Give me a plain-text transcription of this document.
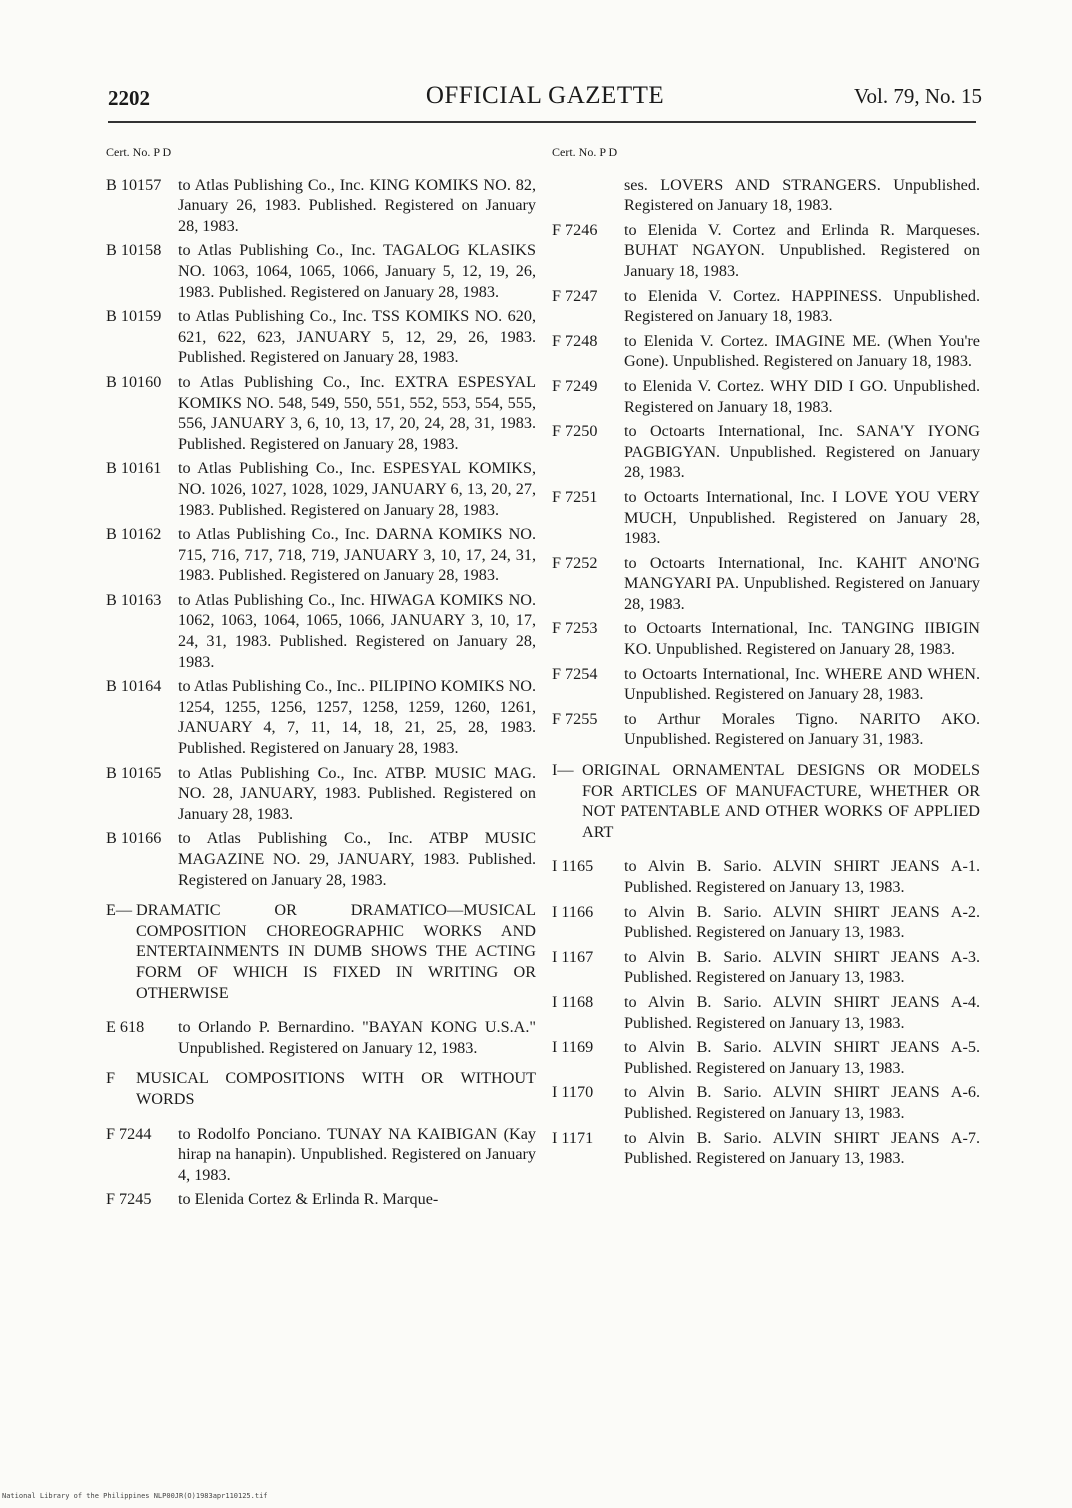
2202	OFFICIAL GAZETTE	Vol. 79, No. 15
Cert. No. P D
B 10157	to Atlas Publishing Co., Inc. KING KOMIKS NO. 82, January 26, 1983. Published. Registered on January 28, 1983.
B 10158	to Atlas Publishing Co., Inc. TAGALOG KLASIKS NO. 1063, 1064, 1065, 1066, January 5, 12, 19, 26, 1983. Published. Registered on January 28, 1983.
B 10159	to Atlas Publishing Co., Inc. TSS KOMIKS NO. 620, 621, 622, 623, JANUARY 5, 12, 29, 26, 1983. Published. Registered on January 28, 1983.
B 10160	to Atlas Publishing Co., Inc. EXTRA ESPESYAL KOMIKS NO. 548, 549, 550, 551, 552, 553, 554, 555, 556, JANUARY 3, 6, 10, 13, 17, 20, 24, 28, 31, 1983. Published. Registered on January 28, 1983.
B 10161	to Atlas Publishing Co., Inc. ESPESYAL KOMIKS, NO. 1026, 1027, 1028, 1029, JANUARY 6, 13, 20, 27, 1983. Published. Registered on January 28, 1983.
B 10162	to Atlas Publishing Co., Inc. DARNA KOMIKS NO. 715, 716, 717, 718, 719, JANUARY 3, 10, 17, 24, 31, 1983. Published. Registered on January 28, 1983.
B 10163	to Atlas Publishing Co., Inc. HIWAGA KOMIKS NO. 1062, 1063, 1064, 1065, 1066, JANUARY 3, 10, 17, 24, 31, 1983. Published. Registered on January 28, 1983.
B 10164	to Atlas Publishing Co., Inc.. PILIPINO KOMIKS NO. 1254, 1255, 1256, 1257, 1258, 1259, 1260, 1261, JANUARY 4, 7, 11, 14, 18, 21, 25, 28, 1983. Published. Registered on January 28, 1983.
B 10165	to Atlas Publishing Co., Inc. ATBP. MUSIC MAG. NO. 28, JANUARY, 1983. Published. Registered on January 28, 1983.
B 10166	to Atlas Publishing Co., Inc. ATBP MUSIC MAGAZINE NO. 29, JANUARY, 1983. Published. Registered on January 28, 1983.
E— DRAMATIC OR DRAMATICO—MUSICAL COMPOSITION CHOREOGRAPHIC WORKS AND ENTERTAINMENTS IN DUMB SHOWS THE ACTING FORM OF WHICH IS FIXED IN WRITING OR OTHERWISE
E 618	to Orlando P. Bernardino. "BAYAN KONG U.S.A." Unpublished. Registered on January 12, 1983.
F MUSICAL COMPOSITIONS WITH OR WITHOUT WORDS
F 7244	to Rodolfo Ponciano. TUNAY NA KAIBIGAN (Kay hirap na hanapin). Unpublished. Registered on January 4, 1983.
F 7245	to Elenida Cortez & Erlinda R. Marque-
Cert. No. P D
ses. LOVERS AND STRANGERS. Unpublished. Registered on January 18, 1983.
F 7246	to Elenida V. Cortez and Erlinda R. Marqueses. BUHAT NGAYON. Unpublished. Registered on January 18, 1983.
F 7247	to Elenida V. Cortez. HAPPINESS. Unpublished. Registered on January 18, 1983.
F 7248	to Elenida V. Cortez. IMAGINE ME. (When You're Gone). Unpublished. Registered on January 18, 1983.
F 7249	to Elenida V. Cortez. WHY DID I GO. Unpublished. Registered on January 18, 1983.
F 7250	to Octoarts International, Inc. SANA'Y IYONG PAGBIGYAN. Unpublished. Registered on January 28, 1983.
F 7251	to Octoarts International, Inc. I LOVE YOU VERY MUCH, Unpublished. Registered on January 28, 1983.
F 7252	to Octoarts International, Inc. KAHIT ANO'NG MANGYARI PA. Unpublished. Registered on January 28, 1983.
F 7253	to Octoarts International, Inc. TANGING IIBIGIN KO. Unpublished. Registered on January 28, 1983.
F 7254	to Octoarts International, Inc. WHERE AND WHEN. Unpublished. Registered on January 28, 1983.
F 7255	to Arthur Morales Tigno. NARITO AKO. Unpublished. Registered on January 31, 1983.
I— ORIGINAL ORNAMENTAL DESIGNS OR MODELS FOR ARTICLES OF MANUFACTURE, WHETHER OR NOT PATENTABLE AND OTHER WORKS OF APPLIED ART
I 1165	to Alvin B. Sario. ALVIN SHIRT JEANS A-1. Published. Registered on January 13, 1983.
I 1166	to Alvin B. Sario. ALVIN SHIRT JEANS A-2. Published. Registered on January 13, 1983.
I 1167	to Alvin B. Sario. ALVIN SHIRT JEANS A-3. Published. Registered on January 13, 1983.
I 1168	to Alvin B. Sario. ALVIN SHIRT JEANS A-4. Published. Registered on January 13, 1983.
I 1169	to Alvin B. Sario. ALVIN SHIRT JEANS A-5. Published. Registered on January 13, 1983.
I 1170	to Alvin B. Sario. ALVIN SHIRT JEANS A-6. Published. Registered on January 13, 1983.
I 1171	to Alvin B. Sario. ALVIN SHIRT JEANS A-7. Published. Registered on January 13, 1983.
National Library of the Philippines NLP00JR(O)1983apr110125.tif
